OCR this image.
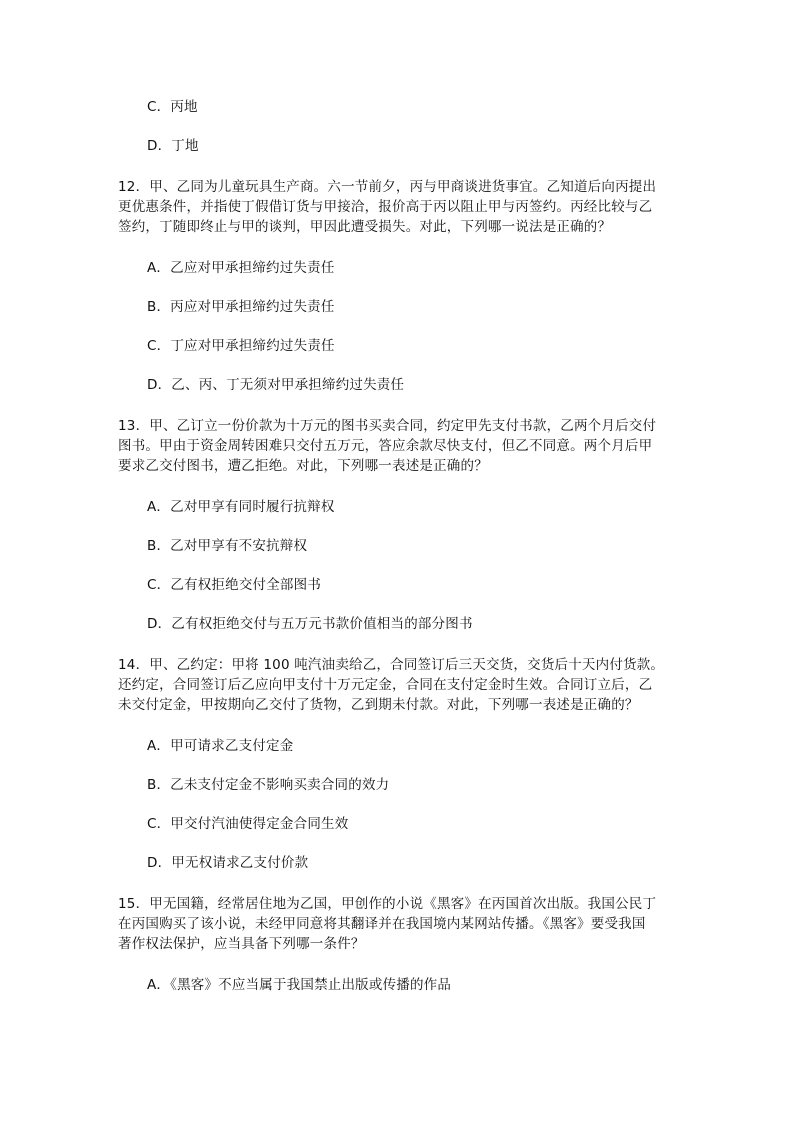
C．丙地
D．丁地
12．甲、乙同为儿童玩具生产商。六一节前夕，丙与甲商谈进货事宜。乙知道后向丙提出
更优惠条件，并指使丁假借订货与甲接洽，报价高于丙以阻止甲与丙签约。丙经比较与乙
签约，丁随即终止与甲的谈判，甲因此遭受损失。对此，下列哪一说法是正确的？
A．乙应对甲承担缔约过失责任
B．丙应对甲承担缔约过失责任
C．丁应对甲承担缔约过失责任
D．乙、丙、丁无须对甲承担缔约过失责任
13．甲、乙订立一份价款为十万元的图书买卖合同，约定甲先支付书款，乙两个月后交付
图书。甲由于资金周转困难只交付五万元，答应余款尽快支付，但乙不同意。两个月后甲
要求乙交付图书，遭乙拒绝。对此，下列哪一表述是正确的？
A．乙对甲享有同时履行抗辩权
B．乙对甲享有不安抗辩权
C．乙有权拒绝交付全部图书
D．乙有权拒绝交付与五万元书款价值相当的部分图书
14．甲、乙约定：甲将 100 吨汽油卖给乙，合同签订后三天交货，交货后十天内付货款。
还约定，合同签订后乙应向甲支付十万元定金，合同在支付定金时生效。合同订立后，乙
未交付定金，甲按期向乙交付了货物，乙到期未付款。对此，下列哪一表述是正确的？
A．甲可请求乙支付定金
B．乙未支付定金不影响买卖合同的效力
C．甲交付汽油使得定金合同生效
D．甲无权请求乙支付价款
15．甲无国籍，经常居住地为乙国，甲创作的小说《黑客》在丙国首次出版。我国公民丁
在丙国购买了该小说，未经甲同意将其翻译并在我国境内某网站传播。《黑客》要受我国
著作权法保护，应当具备下列哪一条件？
A．《黑客》不应当属于我国禁止出版或传播的作品
